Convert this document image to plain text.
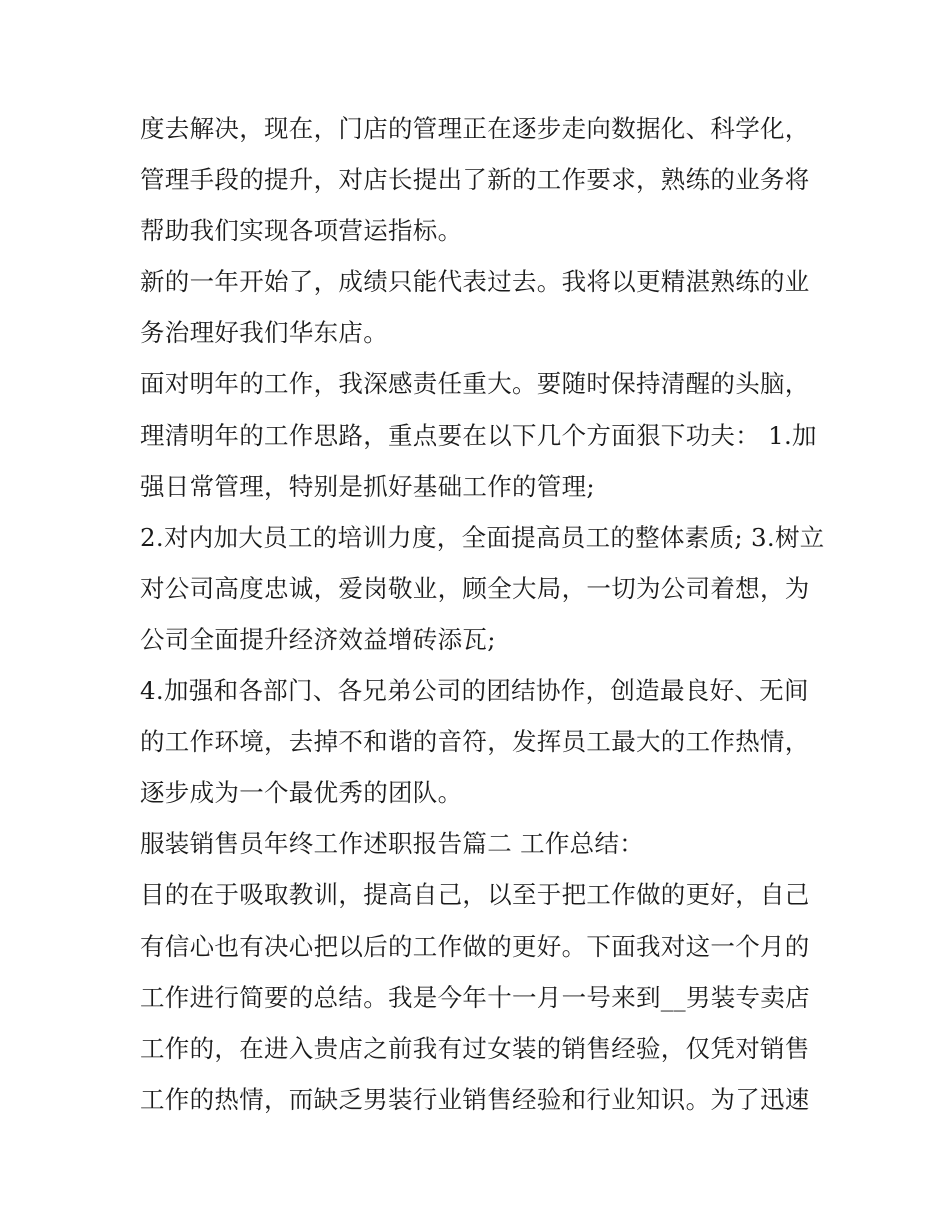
度去解决，现在，门店的管理正在逐步走向数据化、科学化，
管理手段的提升，对店长提出了新的工作要求，熟练的业务将
帮助我们实现各项营运指标。
新的一年开始了，成绩只能代表过去。我将以更精湛熟练的业
务治理好我们华东店。
面对明年的工作，我深感责任重大。要随时保持清醒的头脑，
理清明年的工作思路，重点要在以下几个方面狠下功夫： 1.加
强日常管理，特别是抓好基础工作的管理;
2.对内加大员工的培训力度，全面提高员工的整体素质; 3.树立
对公司高度忠诚，爱岗敬业，顾全大局，一切为公司着想，为
公司全面提升经济效益增砖添瓦;
4.加强和各部门、各兄弟公司的团结协作，创造最良好、无间
的工作环境，去掉不和谐的音符，发挥员工最大的工作热情，
逐步成为一个最优秀的团队。
服装销售员年终工作述职报告篇二 工作总结：
目的在于吸取教训，提高自己，以至于把工作做的更好，自己
有信心也有决心把以后的工作做的更好。下面我对这一个月的
工作进行简要的总结。我是今年十一月一号来到__男装专卖店
工作的，在进入贵店之前我有过女装的销售经验，仅凭对销售
工作的热情，而缺乏男装行业销售经验和行业知识。为了迅速
